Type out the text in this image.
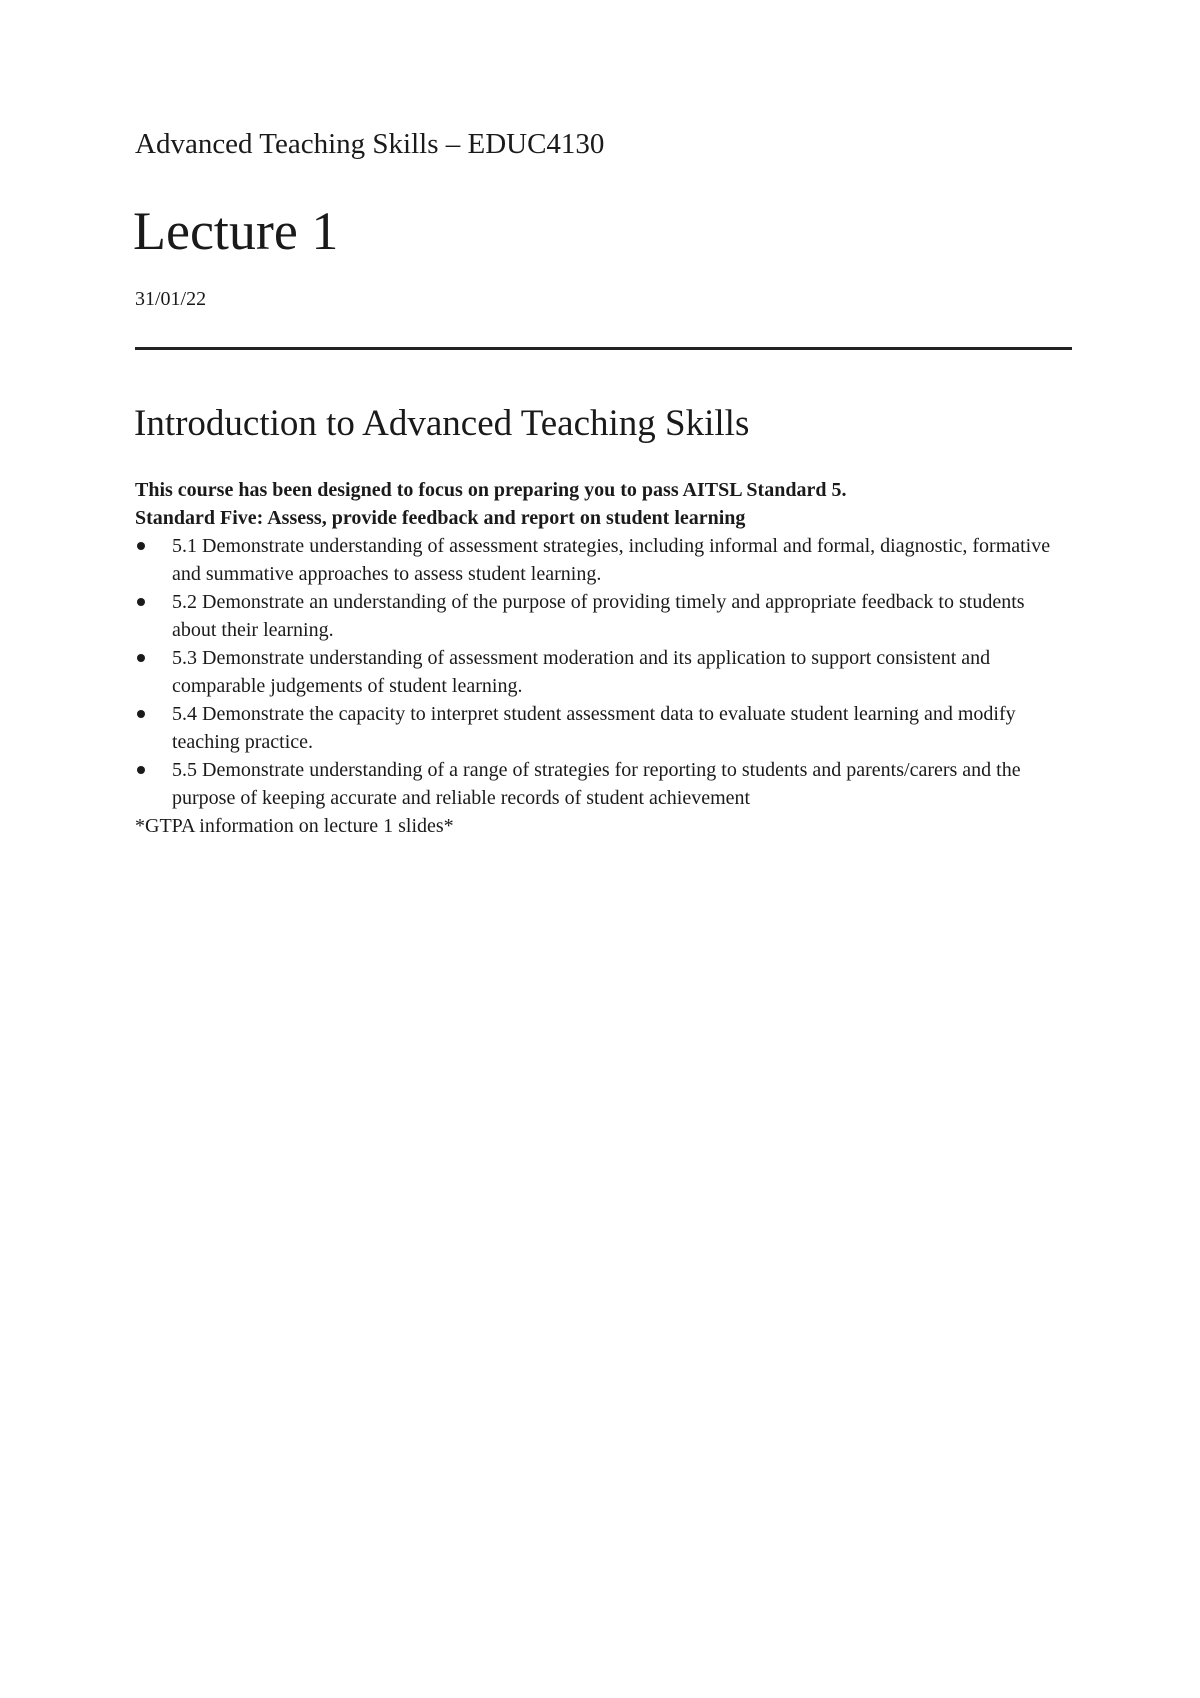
Advanced Teaching Skills – EDUC4130
Lecture 1
31/01/22
Introduction to Advanced Teaching Skills
This course has been designed to focus on preparing you to pass AITSL Standard 5.
Standard Five: Assess, provide feedback and report on student learning
5.1 Demonstrate understanding of assessment strategies, including informal and formal, diagnostic, formative and summative approaches to assess student learning.
5.2 Demonstrate an understanding of the purpose of providing timely and appropriate feedback to students about their learning.
5.3 Demonstrate understanding of assessment moderation and its application to support consistent and comparable judgements of student learning.
5.4 Demonstrate the capacity to interpret student assessment data to evaluate student learning and modify teaching practice.
5.5 Demonstrate understanding of a range of strategies for reporting to students and parents/carers and the purpose of keeping accurate and reliable records of student achievement
*GTPA information on lecture 1 slides*
